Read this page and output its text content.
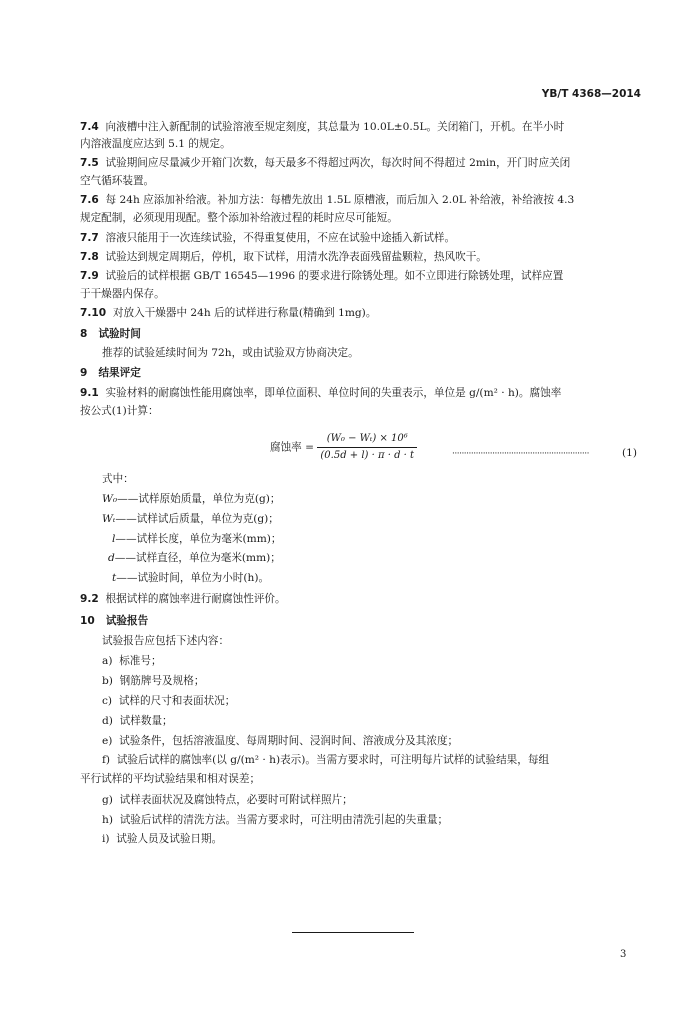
YB/T 4368—2014
7.4 向液槽中注入新配制的试验溶液至规定刻度，其总量为 10.0L±0.5L。关闭箱门，开机。在半小时
内溶液温度应达到 5.1 的规定。
7.5 试验期间应尽量减少开箱门次数，每天最多不得超过两次，每次时间不得超过 2min，开门时应关闭
空气循环装置。
7.6 每 24h 应添加补给液。补加方法：每槽先放出 1.5L 原槽液，而后加入 2.0L 补给液，补给液按 4.3
规定配制，必须现用现配。整个添加补给液过程的耗时应尽可能短。
7.7 溶液只能用于一次连续试验，不得重复使用，不应在试验中途插入新试样。
7.8 试验达到规定周期后，停机，取下试样，用清水洗净表面残留盐颗粒，热风吹干。
7.9 试验后的试样根据 GB/T 16545—1996 的要求进行除锈处理。如不立即进行除锈处理，试样应置
于干燥器内保存。
7.10 对放入干燥器中 24h 后的试样进行称量(精确到 1mg)。
8 试验时间
推荐的试验延续时间为 72h，或由试验双方协商决定。
9 结果评定
9.1 实验材料的耐腐蚀性能用腐蚀率，即单位面积、单位时间的失重表示，单位是 g/(m² · h)。腐蚀率
按公式(1)计算：
腐蚀率 = $\frac{\text{(W₀ − Wₜ) × 10⁶}}{(0.5d + l) \cdot \pi \cdot d \cdot t}$	··························································	(1)
式中：
W₀——试样原始质量，单位为克(g)；
Wₜ——试样试后质量，单位为克(g)；
l——试样长度，单位为毫米(mm)；
d——试样直径，单位为毫米(mm)；
t——试验时间，单位为小时(h)。
9.2 根据试样的腐蚀率进行耐腐蚀性评价。
10 试验报告
试验报告应包括下述内容：
a) 标准号；
b) 钢筋牌号及规格；
c) 试样的尺寸和表面状况；
d) 试样数量；
e) 试验条件，包括溶液温度、每周期时间、浸润时间、溶液成分及其浓度；
f) 试验后试样的腐蚀率(以 g/(m² · h)表示)。当需方要求时，可注明每片试样的试验结果，每组
平行试样的平均试验结果和相对误差；
g) 试样表面状况及腐蚀特点，必要时可附试样照片；
h) 试验后试样的清洗方法。当需方要求时，可注明由清洗引起的失重量；
i) 试验人员及试验日期。
3
